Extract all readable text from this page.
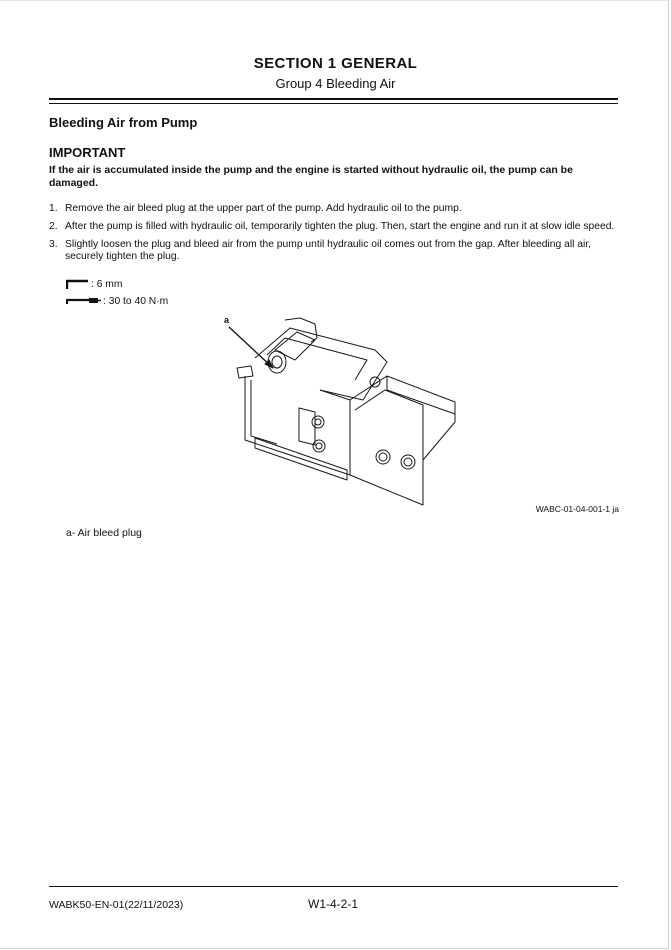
SECTION 1 GENERAL
Group 4 Bleeding Air
Bleeding Air from Pump
IMPORTANT
If the air is accumulated inside the pump and the engine is started without hydraulic oil, the pump can be damaged.
1. Remove the air bleed plug at the upper part of the pump. Add hydraulic oil to the pump.
2. After the pump is filled with hydraulic oil, temporarily tighten the plug. Then, start the engine and run it at slow idle speed.
3. Slightly loosen the plug and bleed air from the pump until hydraulic oil comes out from the gap. After bleeding all air, securely tighten the plug.
: 6 mm
: 30 to 40 N·m
a
WABC-01-04-001-1 ja
a- Air bleed plug
WABK50-EN-01(22/11/2023)	W1-4-2-1
